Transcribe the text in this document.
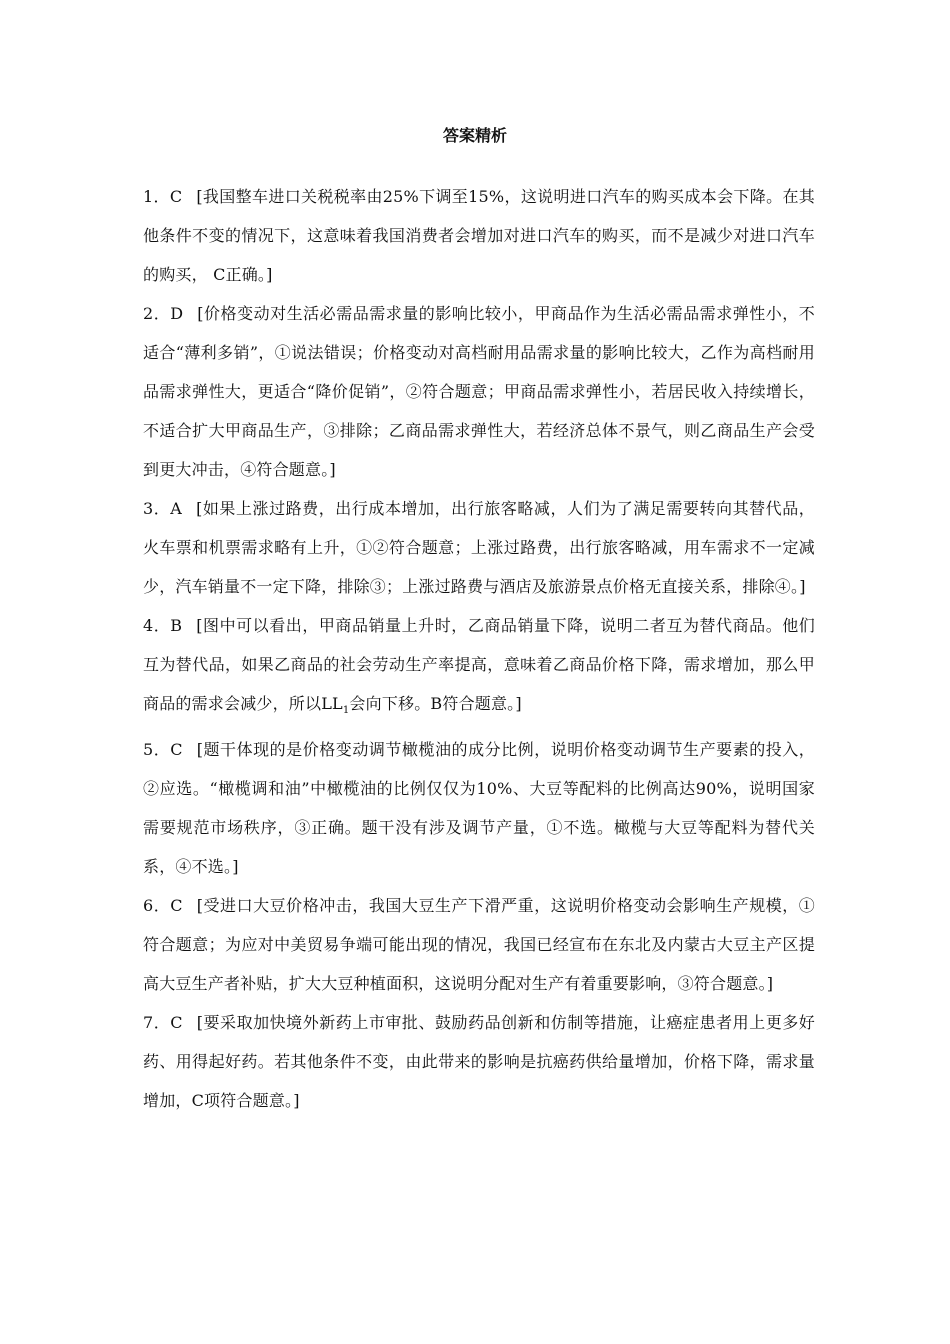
答案精析

1．C [我国整车进口关税税率由25%下调至15%，这说明进口汽车的购买成本会下降。在其他条件不变的情况下，这意味着我国消费者会增加对进口汽车的购买，而不是减少对进口汽车的购买， C正确。]

2．D [价格变动对生活必需品需求量的影响比较小，甲商品作为生活必需品需求弹性小，不适合“薄利多销”，①说法错误；价格变动对高档耐用品需求量的影响比较大，乙作为高档耐用品需求弹性大，更适合“降价促销”，②符合题意；甲商品需求弹性小，若居民收入持续增长，不适合扩大甲商品生产，③排除；乙商品需求弹性大，若经济总体不景气，则乙商品生产会受到更大冲击，④符合题意。]

3．A [如果上涨过路费，出行成本增加，出行旅客略减，人们为了满足需要转向其替代品，火车票和机票需求略有上升，①②符合题意；上涨过路费，出行旅客略减，用车需求不一定减少，汽车销量不一定下降，排除③；上涨过路费与酒店及旅游景点价格无直接关系，排除④。]

4．B [图中可以看出，甲商品销量上升时，乙商品销量下降，说明二者互为替代商品。他们互为替代品，如果乙商品的社会劳动生产率提高，意味着乙商品价格下降，需求增加，那么甲商品的需求会减少，所以$LL_1$会向下移。B符合题意。]

5．C [题干体现的是价格变动调节橄榄油的成分比例，说明价格变动调节生产要素的投入，②应选。“橄榄调和油”中橄榄油的比例仅仅为10%、大豆等配料的比例高达90%，说明国家需要规范市场秩序，③正确。题干没有涉及调节产量，①不选。橄榄与大豆等配料为替代关系，④不选。]

6．C [受进口大豆价格冲击，我国大豆生产下滑严重，这说明价格变动会影响生产规模，①符合题意；为应对中美贸易争端可能出现的情况，我国已经宣布在东北及内蒙古大豆主产区提高大豆生产者补贴，扩大大豆种植面积，这说明分配对生产有着重要影响，③符合题意。]

7．C [要采取加快境外新药上市审批、鼓励药品创新和仿制等措施，让癌症患者用上更多好药、用得起好药。若其他条件不变，由此带来的影响是抗癌药供给量增加，价格下降，需求量增加，C项符合题意。]
